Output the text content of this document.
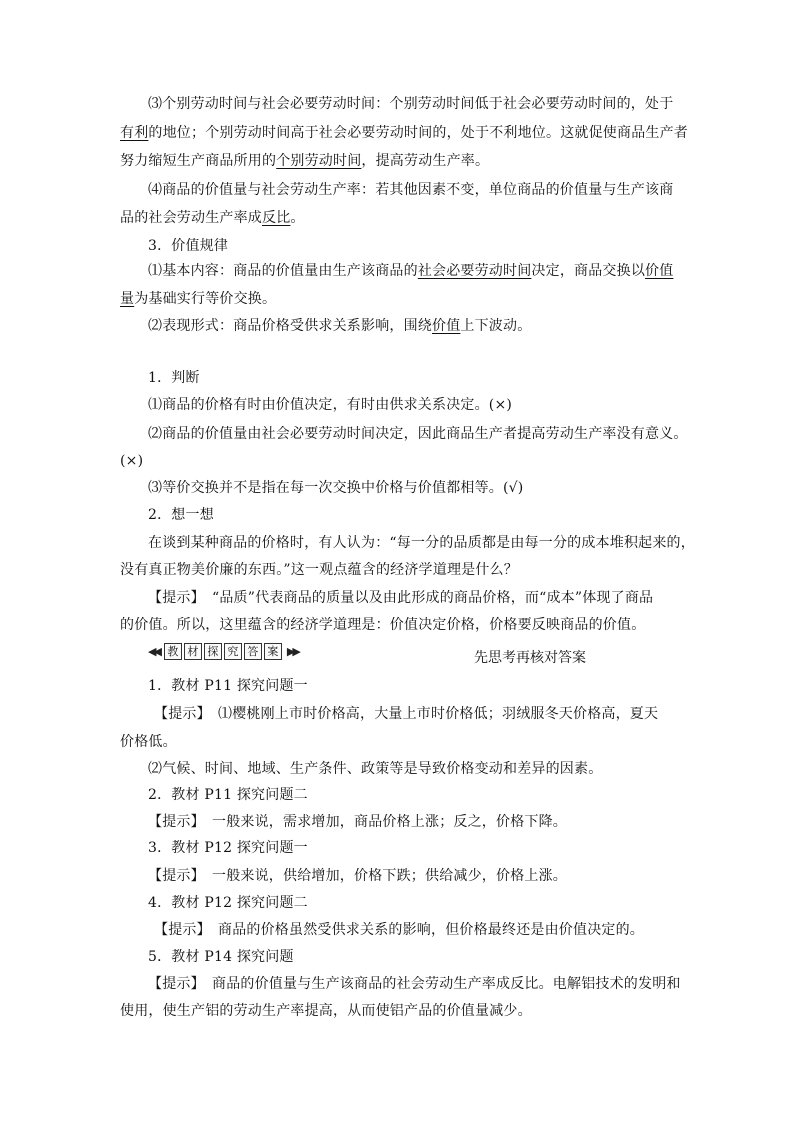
⑶个别劳动时间与社会必要劳动时间：个别劳动时间低于社会必要劳动时间的，处于
有利的地位；个别劳动时间高于社会必要劳动时间的，处于不利地位。这就促使商品生产者
努力缩短生产商品所用的个别劳动时间，提高劳动生产率。
⑷商品的价值量与社会劳动生产率：若其他因素不变，单位商品的价值量与生产该商
品的社会劳动生产率成反比。
3．价值规律
⑴基本内容：商品的价值量由生产该商品的社会必要劳动时间决定，商品交换以价值
量为基础实行等价交换。
⑵表现形式：商品价格受供求关系影响，围绕价值上下波动。
1．判断
⑴商品的价格有时由价值决定，有时由供求关系决定。(×)
⑵商品的价值量由社会必要劳动时间决定，因此商品生产者提高劳动生产率没有意义。
(×)
⑶等价交换并不是指在每一次交换中价格与价值都相等。(√)
2．想一想
在谈到某种商品的价格时，有人认为：“每一分的品质都是由每一分的成本堆积起来的，
没有真正物美价廉的东西。”这一观点蕴含的经济学道理是什么？
【提示】　“品质”代表商品的质量以及由此形成的商品价格，而“成本”体现了商品
的价值。所以，这里蕴含的经济学道理是：价值决定价格，价格要反映商品的价值。
◀◀ 教 材 探 究 答 案 ▶▶	先思考再核对答案
1．教材 P11 探究问题一
【提示】　⑴樱桃刚上市时价格高，大量上市时价格低；羽绒服冬天价格高，夏天
价格低。
⑵气候、时间、地域、生产条件、政策等是导致价格变动和差异的因素。
2．教材 P11 探究问题二
【提示】　一般来说，需求增加，商品价格上涨；反之，价格下降。
3．教材 P12 探究问题一
【提示】　一般来说，供给增加，价格下跌；供给减少，价格上涨。
4．教材 P12 探究问题二
【提示】　商品的价格虽然受供求关系的影响，但价格最终还是由价值决定的。
5．教材 P14 探究问题
【提示】　商品的价值量与生产该商品的社会劳动生产率成反比。电解铝技术的发明和
使用，使生产铝的劳动生产率提高，从而使铝产品的价值量减少。
